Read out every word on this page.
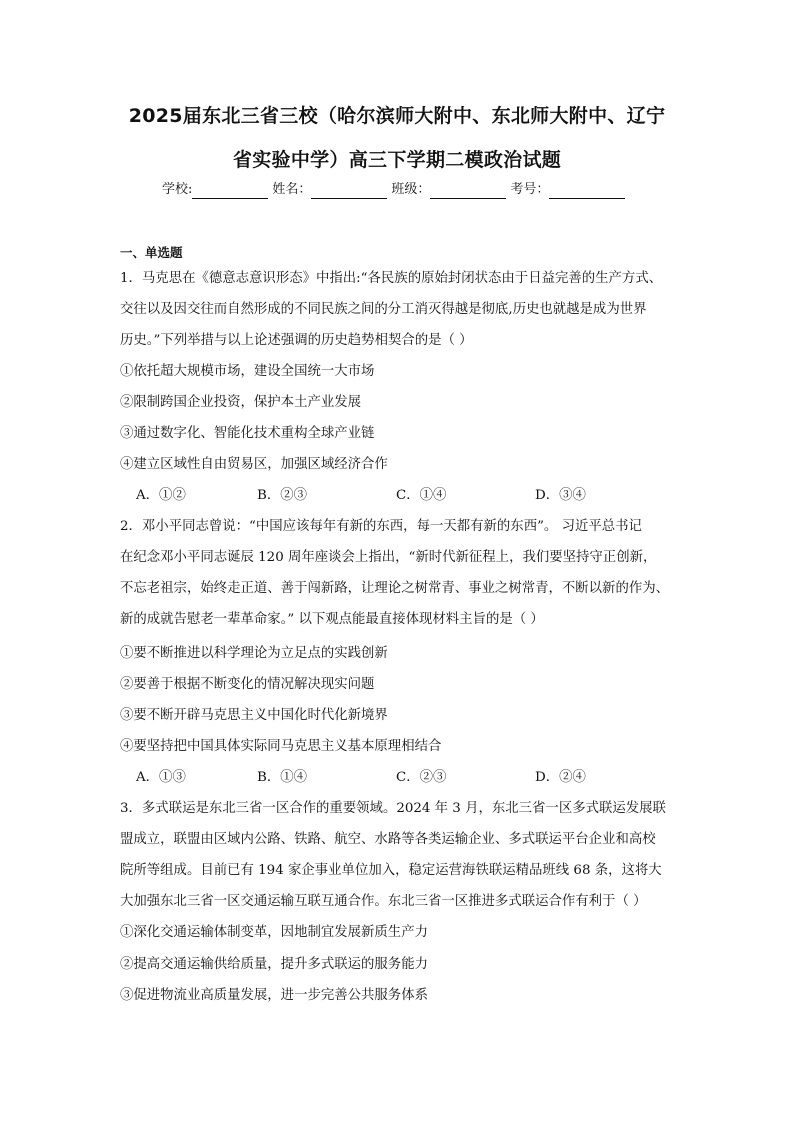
2025届东北三省三校（哈尔滨师大附中、东北师大附中、辽宁
省实验中学）高三下学期二模政治试题
学校:	姓名：	班级：	考号：
一、单选题
1．马克思在《德意志意识形态》中指出:“各民族的原始封闭状态由于日益完善的生产方式、
交往以及因交往而自然形成的不同民族之间的分工消灭得越是彻底,历史也就越是成为世界
历史。”下列举措与以上论述强调的历史趋势相契合的是（ ）
①依托超大规模市场，建设全国统一大市场
②限制跨国企业投资，保护本土产业发展
③通过数字化、智能化技术重构全球产业链
④建立区域性自由贸易区，加强区域经济合作
A．①②	B．②③	C．①④	D．③④
2．邓小平同志曾说：“中国应该每年有新的东西，每一天都有新的东西”。 习近平总书记
在纪念邓小平同志诞辰 120 周年座谈会上指出，“新时代新征程上，我们要坚持守正创新，
不忘老祖宗，始终走正道、善于闯新路，让理论之树常青、事业之树常青，不断以新的作为、
新的成就告慰老一辈革命家。” 以下观点能最直接体现材料主旨的是（ ）
①要不断推进以科学理论为立足点的实践创新
②要善于根据不断变化的情况解决现实问题
③要不断开辟马克思主义中国化时代化新境界
④要坚持把中国具体实际同马克思主义基本原理相结合
A．①③	B．①④	C．②③	D．②④
3．多式联运是东北三省一区合作的重要领域。2024 年 3 月，东北三省一区多式联运发展联
盟成立，联盟由区域内公路、铁路、航空、水路等各类运输企业、多式联运平台企业和高校
院所等组成。目前已有 194 家企事业单位加入，稳定运营海铁联运精品班线 68 条，这将大
大加强东北三省一区交通运输互联互通合作。东北三省一区推进多式联运合作有利于（ ）
①深化交通运输体制变革，因地制宜发展新质生产力
②提高交通运输供给质量，提升多式联运的服务能力
③促进物流业高质量发展，进一步完善公共服务体系
